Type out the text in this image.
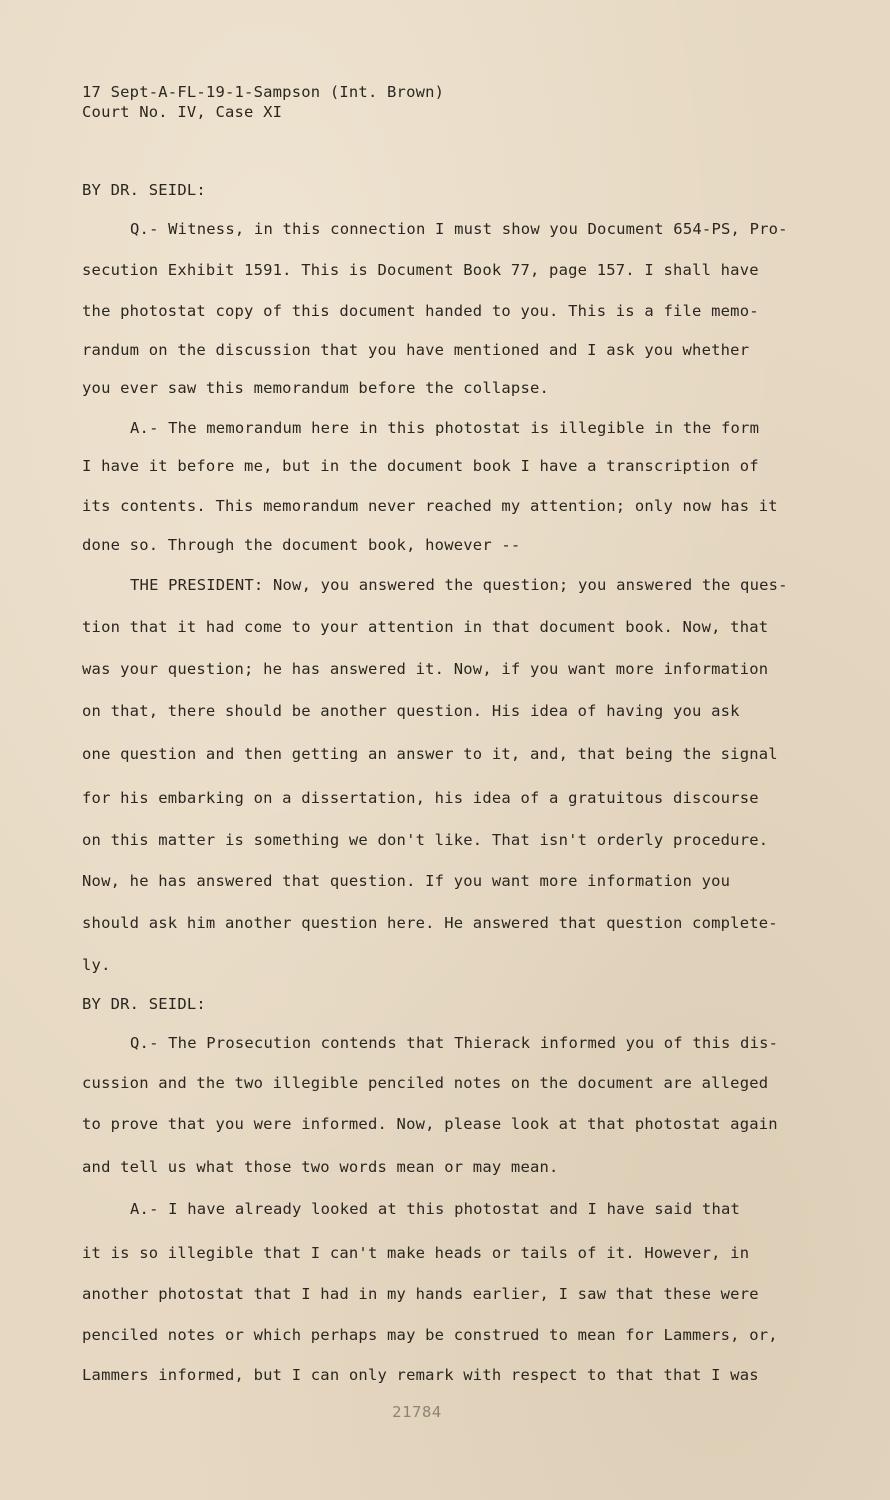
17 Sept-A-FL-19-1-Sampson (Int. Brown)
Court No. IV, Case XI
BY DR. SEIDL:
Q.- Witness, in this connection I must show you Document 654-PS, Pro-
secution Exhibit 1591. This is Document Book 77, page 157. I shall have
the photostat copy of this document handed to you. This is a file memo-
randum on the discussion that you have mentioned and I ask you whether
you ever saw this memorandum before the collapse.
A.- The memorandum here in this photostat is illegible in the form
I have it before me, but in the document book I have a transcription of
its contents. This memorandum never reached my attention; only now has it
done so. Through the document book, however --
THE PRESIDENT: Now, you answered the question; you answered the ques-
tion that it had come to your attention in that document book. Now, that
was your question; he has answered it. Now, if you want more information
on that, there should be another question. His idea of having you ask
one question and then getting an answer to it, and, that being the signal
for his embarking on a dissertation, his idea of a gratuitous discourse
on this matter is something we don't like. That isn't orderly procedure.
Now, he has answered that question. If you want more information you
should ask him another question here. He answered that question complete-
ly.
BY DR. SEIDL:
Q.- The Prosecution contends that Thierack informed you of this dis-
cussion and the two illegible penciled notes on the document are alleged
to prove that you were informed. Now, please look at that photostat again
and tell us what those two words mean or may mean.
A.- I have already looked at this photostat and I have said that
it is so illegible that I can't make heads or tails of it. However, in
another photostat that I had in my hands earlier, I saw that these were
penciled notes or which perhaps may be construed to mean for Lammers, or,
Lammers informed, but I can only remark with respect to that that I was
21784
